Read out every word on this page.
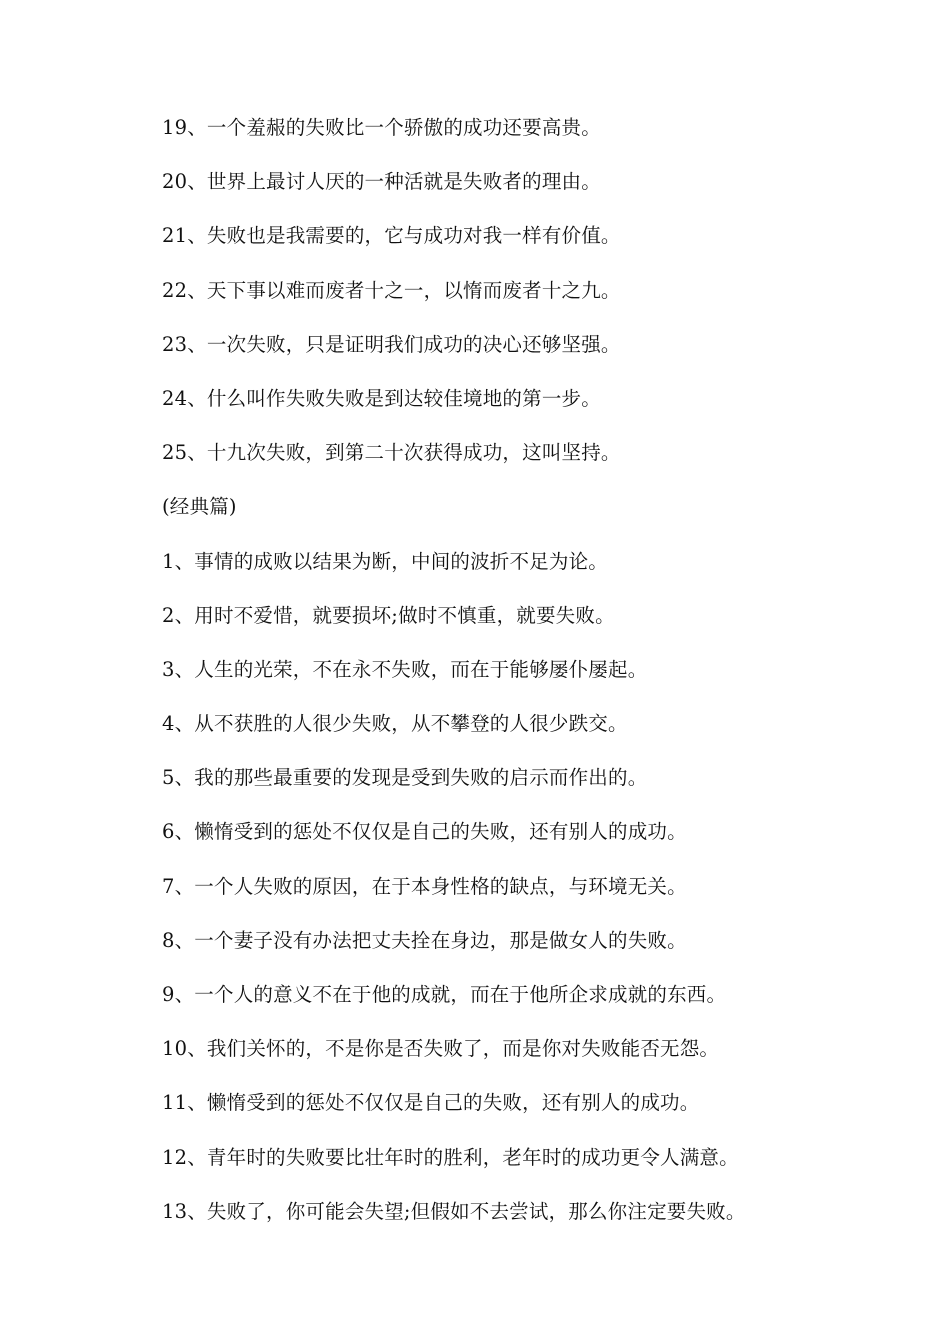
19、一个羞赧的失败比一个骄傲的成功还要高贵。
20、世界上最讨人厌的一种活就是失败者的理由。
21、失败也是我需要的，它与成功对我一样有价值。
22、天下事以难而废者十之一，以惰而废者十之九。
23、一次失败，只是证明我们成功的决心还够坚强。
24、什么叫作失败失败是到达较佳境地的第一步。
25、十九次失败，到第二十次获得成功，这叫坚持。
(经典篇)
1、事情的成败以结果为断，中间的波折不足为论。
2、用时不爱惜，就要损坏;做时不慎重，就要失败。
3、人生的光荣，不在永不失败，而在于能够屡仆屡起。
4、从不获胜的人很少失败，从不攀登的人很少跌交。
5、我的那些最重要的发现是受到失败的启示而作出的。
6、懒惰受到的惩处不仅仅是自己的失败，还有别人的成功。
7、一个人失败的原因，在于本身性格的缺点，与环境无关。
8、一个妻子没有办法把丈夫拴在身边，那是做女人的失败。
9、一个人的意义不在于他的成就，而在于他所企求成就的东西。
10、我们关怀的，不是你是否失败了，而是你对失败能否无怨。
11、懒惰受到的惩处不仅仅是自己的失败，还有别人的成功。
12、青年时的失败要比壮年时的胜利，老年时的成功更令人满意。
13、失败了，你可能会失望;但假如不去尝试，那么你注定要失败。
